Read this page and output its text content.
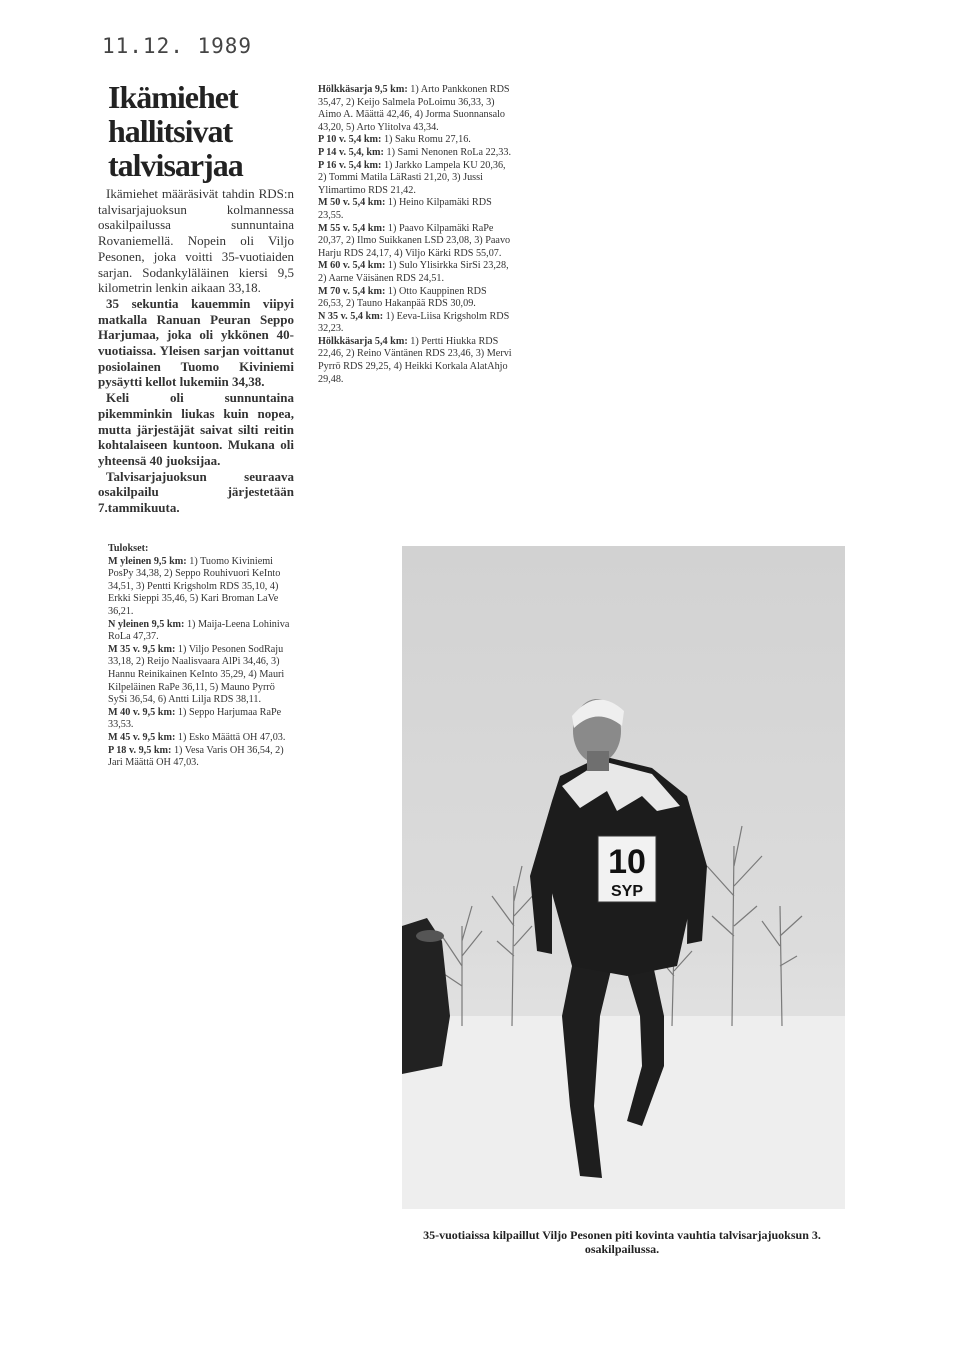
11.12. 1989
Ikämiehet
hallitsivat
talvisarjaa

Ikämiehet määräsivät tahdin RDS:n talvisarjajuoksun kolmannessa osakilpailussa sunnuntaina Rovaniemellä. Nopein oli Viljo Pesonen, joka voitti 35-vuotiaiden sarjan. Sodankyläläinen kiersi 9,5 kilometrin lenkin aikaan 33,18.

35 sekuntia kauemmin viipyi matkalla Ranuan Peuran Seppo Harjumaa, joka oli ykkönen 40-vuotiaissa. Yleisen sarjan voittanut posiolainen Tuomo Kiviniemi pysäytti kellot lukemiin 34,38.

Keli oli sunnuntaina pikemminkin liukas kuin nopea, mutta järjestäjät saivat silti reitin kohtalaiseen kuntoon. Mukana oli yhteensä 40 juoksijaa.

Talvisarjajuoksun seuraava osakilpailu järjestetään 7.tammikuuta.

Hölkkäsarja 9,5 km: 1) Arto Pankkonen RDS 35,47, 2) Keijo Salmela PoLoimu 36,33, 3) Aimo A. Määttä 42,46, 4) Jorma Suonnansalo 43,20, 5) Arto Ylitolva 43,34.

P 10 v. 5,4 km: 1) Saku Romu 27,16.

P 14 v. 5,4, km: 1) Sami Nenonen RoLa 22,33.

P 16 v. 5,4 km: 1) Jarkko Lampela KU 20,36, 2) Tommi Matila LäRasti 21,20, 3) Jussi Ylimartimo RDS 21,42.

M 50 v. 5,4 km: 1) Heino Kilpamäki RDS 23,55.

M 55 v. 5,4 km: 1) Paavo Kilpamäki RaPe 20,37, 2) Ilmo Suikkanen LSD 23,08, 3) Paavo Harju RDS 24,17, 4) Viljo Kärki RDS 55,07.

M 60 v. 5,4 km: 1) Sulo Ylisirkka SirSi 23,28, 2) Aarne Väisänen RDS 24,51.

M 70 v. 5,4 km: 1) Otto Kauppinen RDS 26,53, 2) Tauno Hakanpää RDS 30,09.

N 35 v. 5,4 km: 1) Eeva-Liisa Krigsholm RDS 32,23.

Hölkkäsarja 5,4 km: 1) Pertti Hiukka RDS 22,46, 2) Reino Väntänen RDS 23,46, 3) Mervi Pyrrö RDS 29,25, 4) Heikki Korkala AlatAhjo 29,48.

Tulokset:

M yleinen 9,5 km: 1) Tuomo Kiviniemi PosPy 34,38, 2) Seppo Rouhivuori KeInto 34,51, 3) Pentti Krigsholm RDS 35,10, 4) Erkki Sieppi 35,46, 5) Kari Broman LaVe 36,21.

N yleinen 9,5 km: 1) Maija-Leena Lohiniva RoLa 47,37.

M 35 v. 9,5 km: 1) Viljo Pesonen SodRaju 33,18, 2) Reijo Naalisvaara AlPi 34,46, 3) Hannu Reinikainen KeInto 35,29, 4) Mauri Kilpeläinen RaPe 36,11, 5) Mauno Pyrrö SySi 36,54, 6) Antti Lilja RDS 38,11.

M 40 v. 9,5 km: 1) Seppo Harjumaa RaPe 33,53.

M 45 v. 9,5 km: 1) Esko Määttä OH 47,03.

P 18 v. 9,5 km: 1) Vesa Varis OH 36,54, 2) Jari Määttä OH 47,03.

10
SYP
35-vuotiaissa kilpaillut Viljo Pesonen piti kovinta vauhtia talvisarjajuoksun 3. osakilpailussa.
